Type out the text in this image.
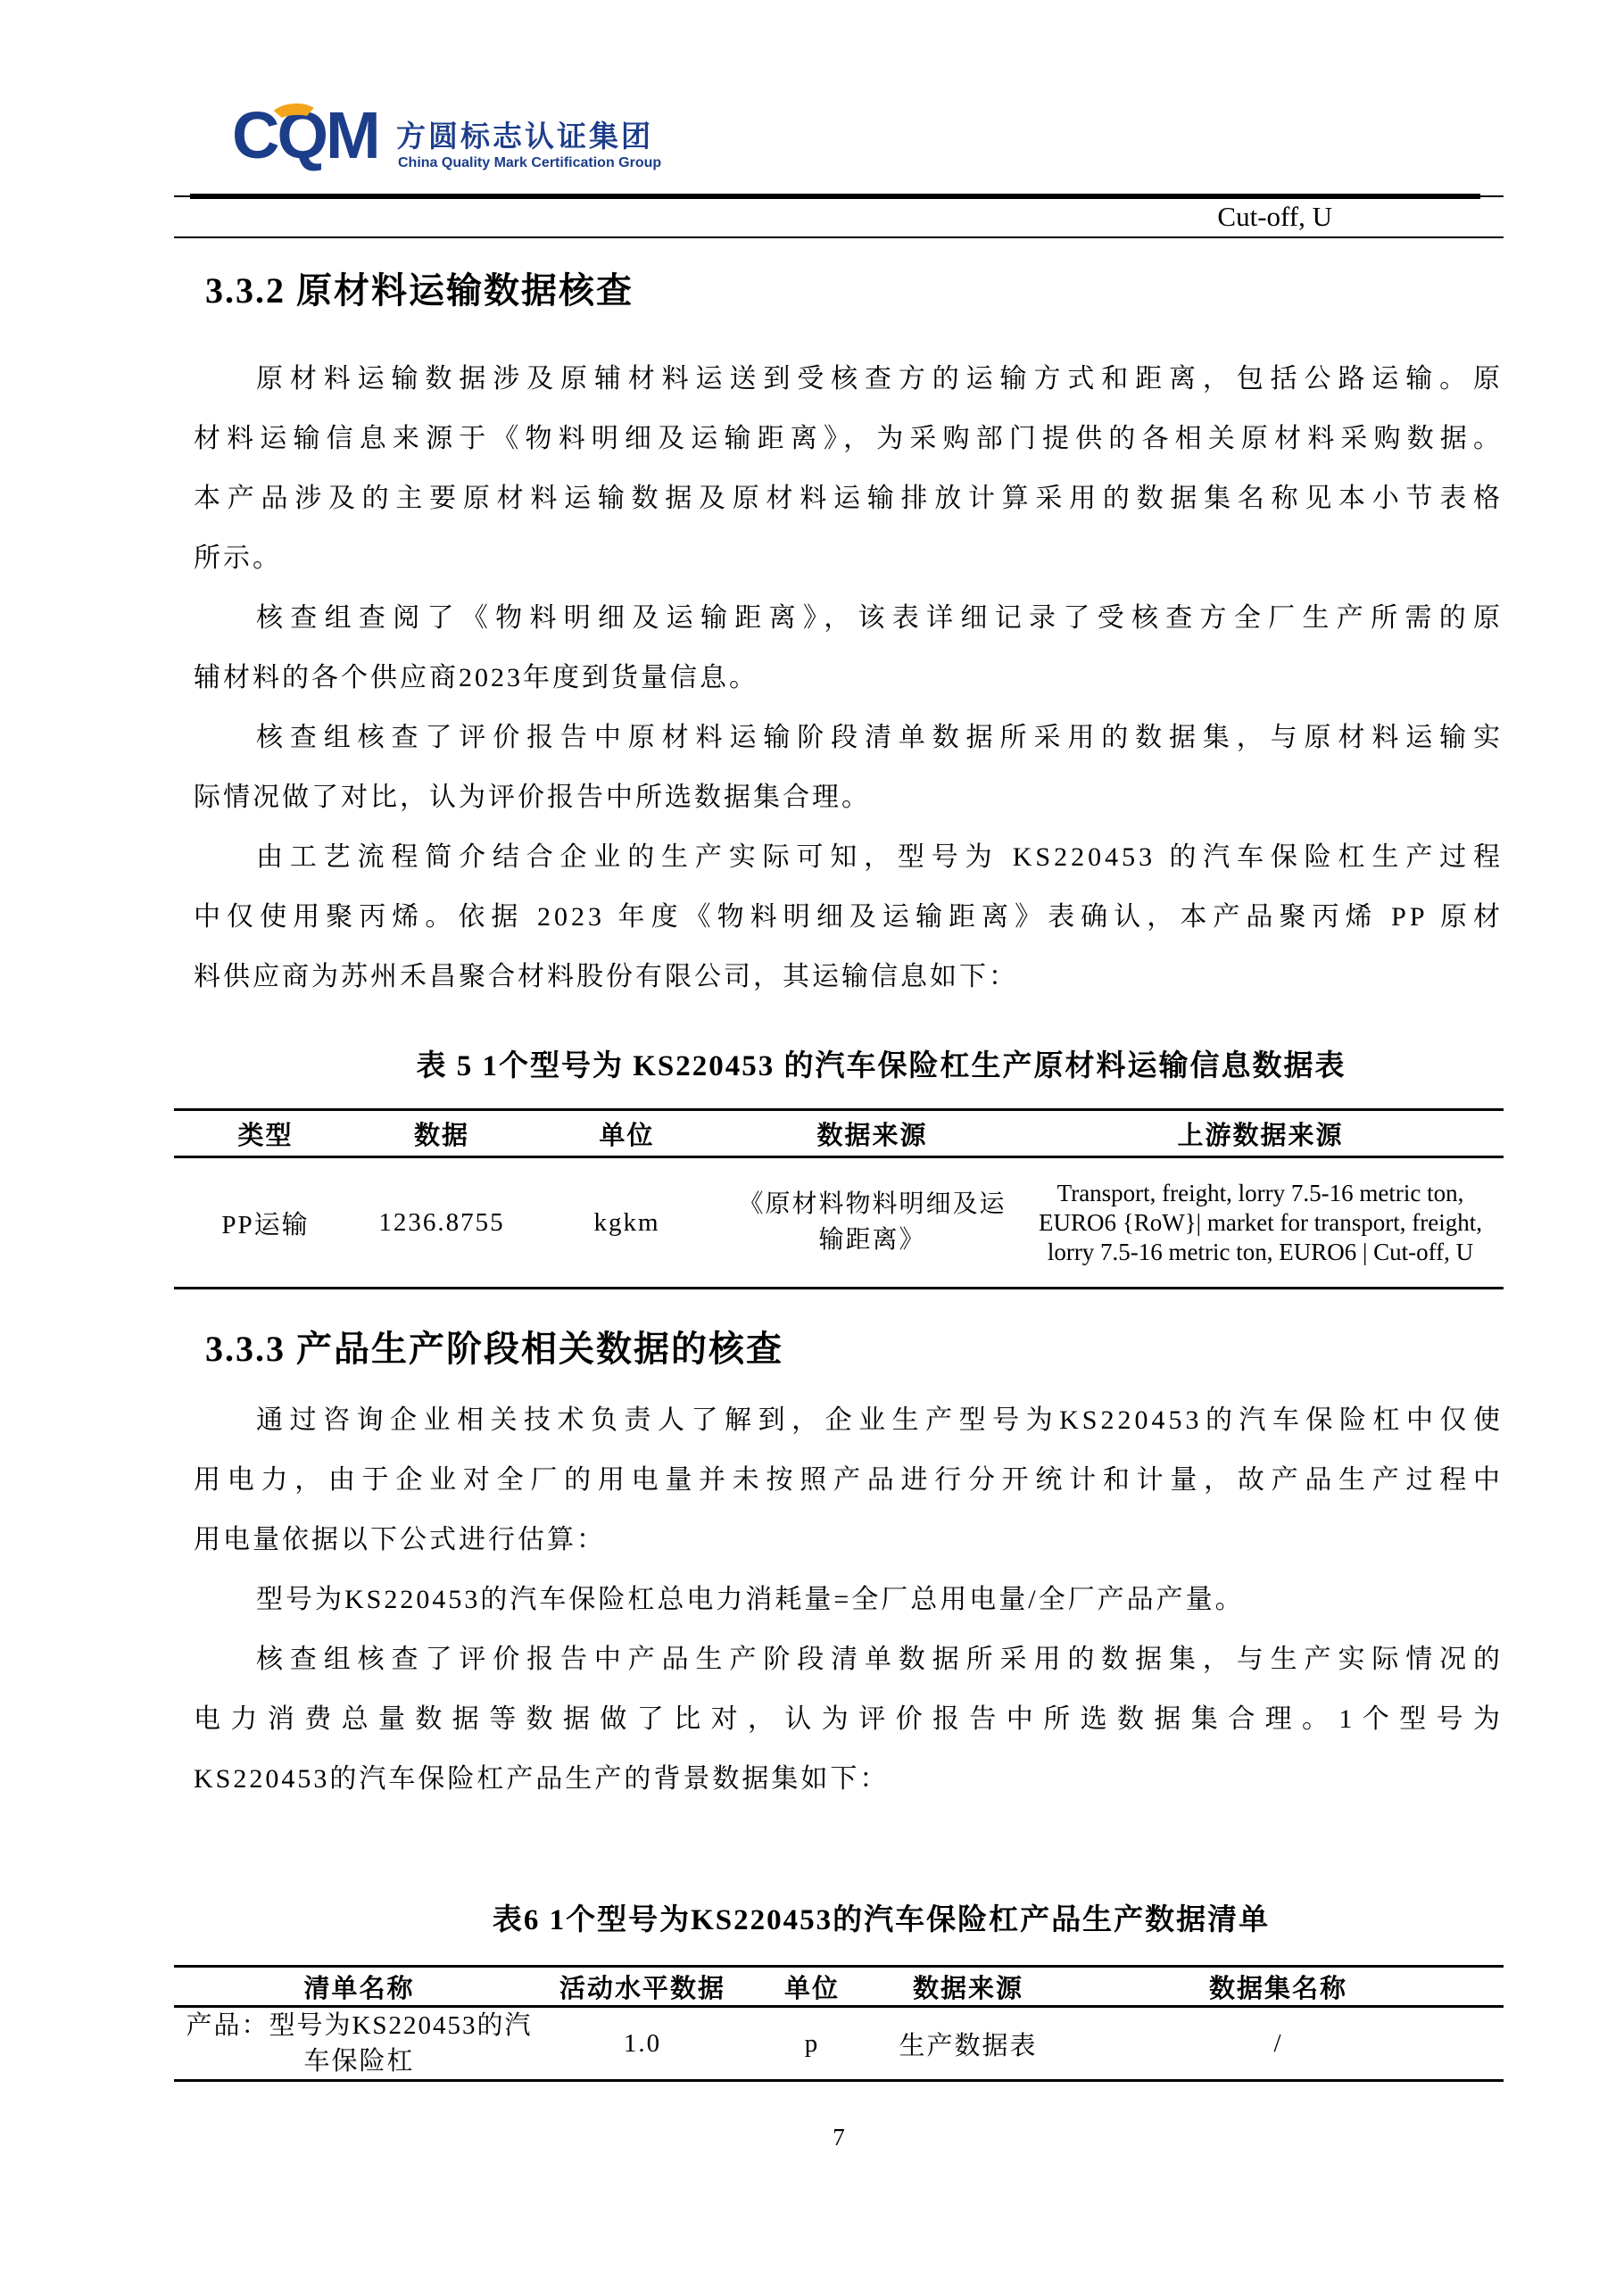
CQM 方圆标志认证集团
China Quality Mark Certification Group
Cut-off, U
3.3.2 原材料运输数据核查
原材料运输数据涉及原辅材料运送到受核查方的运输方式和距离，包括公路运输。原
材料运输信息来源于《物料明细及运输距离》，为采购部门提供的各相关原材料采购数据。
本产品涉及的主要原材料运输数据及原材料运输排放计算采用的数据集名称见本小节表格
所示。
核查组查阅了《物料明细及运输距离》，该表详细记录了受核查方全厂生产所需的原
辅材料的各个供应商2023年度到货量信息。
核查组核查了评价报告中原材料运输阶段清单数据所采用的数据集，与原材料运输实
际情况做了对比，认为评价报告中所选数据集合理。
由工艺流程简介结合企业的生产实际可知，型号为 KS220453 的汽车保险杠生产过程
中仅使用聚丙烯。依据 2023 年度《物料明细及运输距离》表确认，本产品聚丙烯 PP 原材
料供应商为苏州禾昌聚合材料股份有限公司，其运输信息如下：
表 5 1个型号为 KS220453 的汽车保险杠生产原材料运输信息数据表
类型	数据	单位	数据来源	上游数据来源
PP运输	1236.8755	kgkm	《原材料物料明细及运输距离》	Transport, freight, lorry 7.5-16 metric ton, EURO6 {RoW}| market for transport, freight, lorry 7.5-16 metric ton, EURO6 | Cut-off, U
3.3.3 产品生产阶段相关数据的核查
通过咨询企业相关技术负责人了解到，企业生产型号为KS220453的汽车保险杠中仅使
用电力，由于企业对全厂的用电量并未按照产品进行分开统计和计量，故产品生产过程中
用电量依据以下公式进行估算：
型号为KS220453的汽车保险杠总电力消耗量=全厂总用电量/全厂产品产量。
核查组核查了评价报告中产品生产阶段清单数据所采用的数据集，与生产实际情况的
电力消费总量数据等数据做了比对，认为评价报告中所选数据集合理。1个型号为
KS220453的汽车保险杠产品生产的背景数据集如下：
表6 1个型号为KS220453的汽车保险杠产品生产数据清单
清单名称	活动水平数据	单位	数据来源	数据集名称
产品：型号为KS220453的汽车保险杠	1.0	p	生产数据表	/
7
